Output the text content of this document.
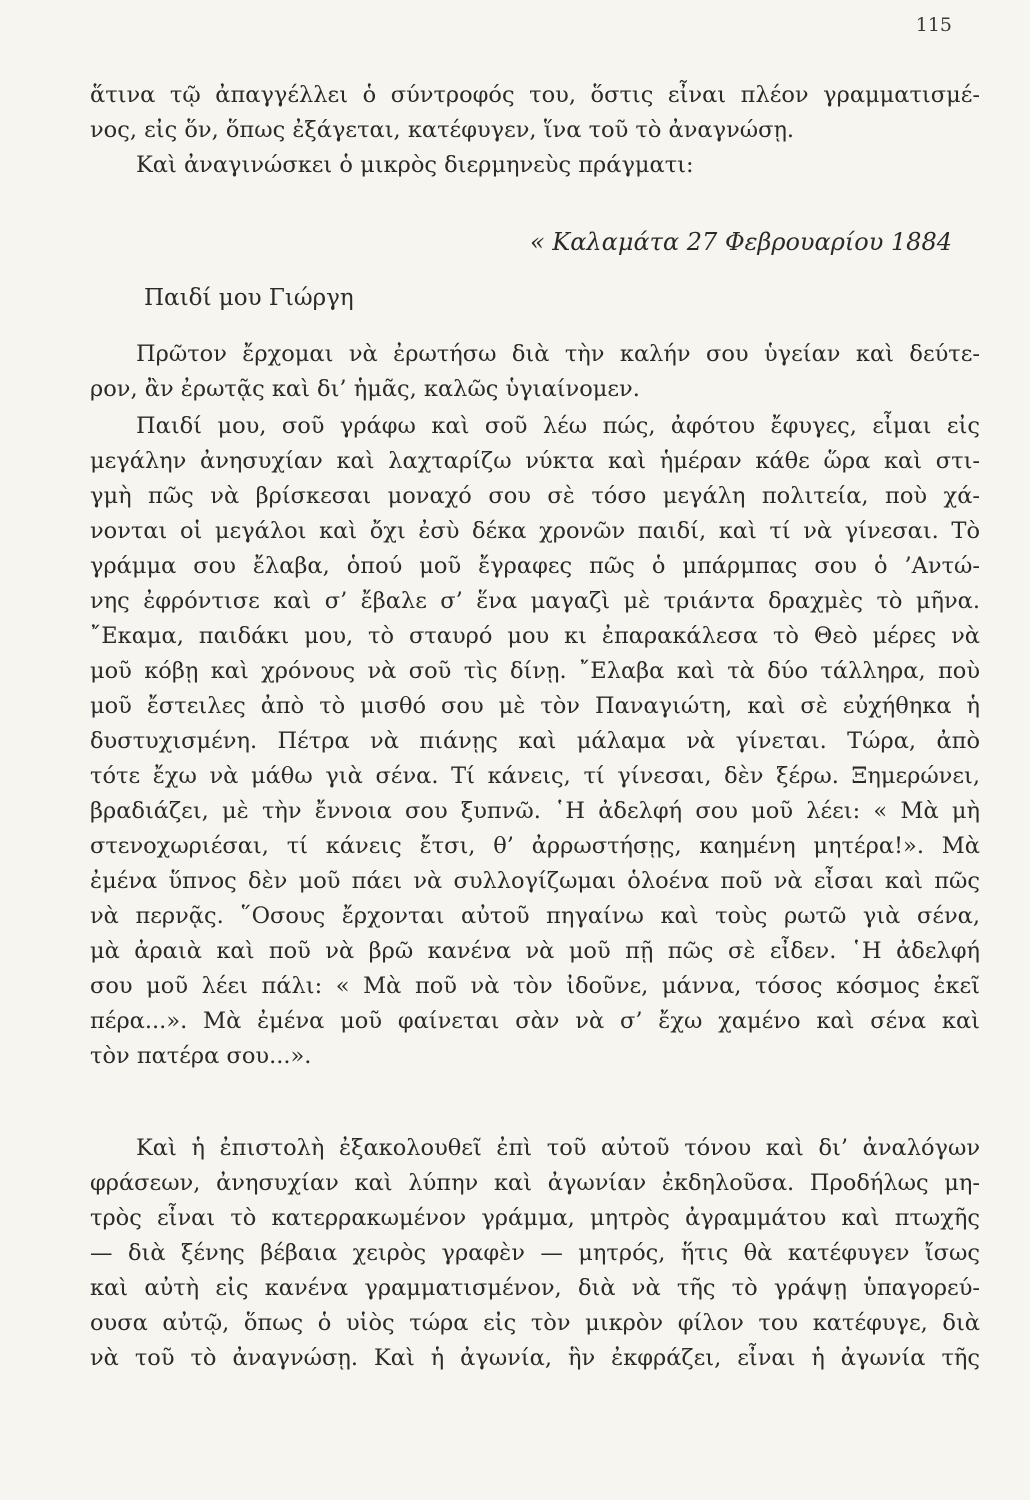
115
ἅτινα τῷ ἀπαγγέλλει ὁ σύντροφός του, ὅστις εἶναι πλέον γραμματισμέ-
νος, εἰς ὅν, ὅπως ἐξάγεται, κατέφυγεν, ἵνα τοῦ τὸ ἀναγνώσῃ.
Καὶ ἀναγινώσκει ὁ μικρὸς διερμηνεὺς πράγματι:
« Καλαμάτα 27 Φεβρουαρίου 1884
Παιδί μου Γιώργη
Πρῶτον ἔρχομαι νὰ ἐρωτήσω διὰ τὴν καλήν σου ὑγείαν καὶ δεύτε-
ρον, ἂν ἐρωτᾷς καὶ δι’ ἡμᾶς, καλῶς ὑγιαίνομεν.
Παιδί μου, σοῦ γράφω καὶ σοῦ λέω πώς, ἀφότου ἔφυγες, εἶμαι εἰς
μεγάλην ἀνησυχίαν καὶ λαχταρίζω νύκτα καὶ ἡμέραν κάθε ὥρα καὶ στι-
γμὴ πῶς νὰ βρίσκεσαι μοναχό σου σὲ τόσο μεγάλη πολιτεία, ποὺ χά-
νονται οἱ μεγάλοι καὶ ὄχι ἐσὺ δέκα χρονῶν παιδί, καὶ τί νὰ γίνεσαι. Τὸ
γράμμα σου ἔλαβα, ὁπού μοῦ ἔγραφες πῶς ὁ μπάρμπας σου ὁ ’Αντώ-
νης ἐφρόντισε καὶ σ’ ἔβαλε σ’ ἕνα μαγαζὶ μὲ τριάντα δραχμὲς τὸ μῆνα.
῎Εκαμα, παιδάκι μου, τὸ σταυρό μου κι ἐπαρακάλεσα τὸ Θεὸ μέρες νὰ
μοῦ κόβῃ καὶ χρόνους νὰ σοῦ τὶς δίνῃ. ῎Ελαβα καὶ τὰ δύο τάλληρα, ποὺ
μοῦ ἔστειλες ἀπὸ τὸ μισθό σου μὲ τὸν Παναγιώτη, καὶ σὲ εὐχήθηκα ἡ
δυστυχισμένη. Πέτρα νὰ πιάνῃς καὶ μάλαμα νὰ γίνεται. Τώρα, ἀπὸ
τότε ἔχω νὰ μάθω γιὰ σένα. Τί κάνεις, τί γίνεσαι, δὲν ξέρω. Ξημερώνει,
βραδιάζει, μὲ τὴν ἔννοια σου ξυπνῶ. ῾Η ἀδελφή σου μοῦ λέει: « Μὰ μὴ
στενοχωριέσαι, τί κάνεις ἔτσι, θ’ ἀρρωστήσῃς, καημένη μητέρα!». Μὰ
ἐμένα ὕπνος δὲν μοῦ πάει νὰ συλλογίζωμαι ὁλοένα ποῦ νὰ εἶσαι καὶ πῶς
νὰ περνᾷς. ῞Οσους ἔρχονται αὐτοῦ πηγαίνω καὶ τοὺς ρωτῶ γιὰ σένα,
μὰ ἀραιὰ καὶ ποῦ νὰ βρῶ κανένα νὰ μοῦ πῇ πῶς σὲ εἶδεν. ῾Η ἀδελφή
σου μοῦ λέει πάλι: « Μὰ ποῦ νὰ τὸν ἰδοῦνε, μάννα, τόσος κόσμος ἐκεῖ
πέρα...». Μὰ ἐμένα μοῦ φαίνεται σὰν νὰ σ’ ἔχω χαμένο καὶ σένα καὶ
τὸν πατέρα σου...».
Καὶ ἡ ἐπιστολὴ ἐξακολουθεῖ ἐπὶ τοῦ αὐτοῦ τόνου καὶ δι’ ἀναλόγων
φράσεων, ἀνησυχίαν καὶ λύπην καὶ ἀγωνίαν ἐκδηλοῦσα. Προδήλως μη-
τρὸς εἶναι τὸ κατερρακωμένον γράμμα, μητρὸς ἀγραμμάτου καὶ πτωχῆς
— διὰ ξένης βέβαια χειρὸς γραφὲν — μητρός, ἥτις θὰ κατέφυγεν ἴσως
καὶ αὐτὴ εἰς κανένα γραμματισμένον, διὰ νὰ τῆς τὸ γράψῃ ὑπαγορεύ-
ουσα αὐτῷ, ὅπως ὁ υἱὸς τώρα εἰς τὸν μικρὸν φίλον του κατέφυγε, διὰ
νὰ τοῦ τὸ ἀναγνώσῃ. Καὶ ἡ ἀγωνία, ἣν ἐκφράζει, εἶναι ἡ ἀγωνία τῆς
